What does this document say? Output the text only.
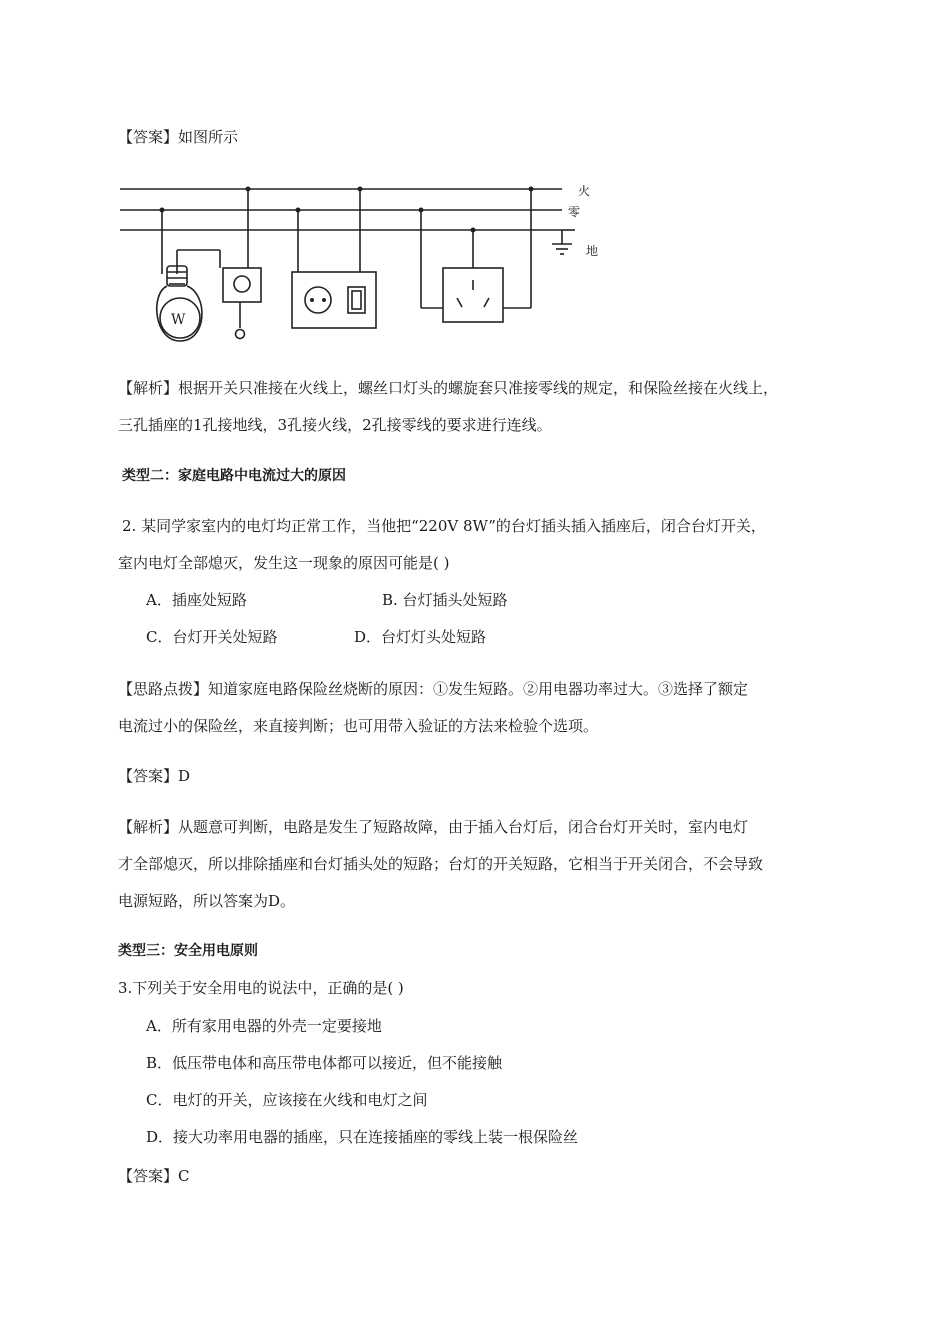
【答案】如图所示
火
零
地
W
【解析】根据开关只准接在火线上，螺丝口灯头的螺旋套只准接零线的规定，和保险丝接在火线上，
三孔插座的1孔接地线，3孔接火线，2孔接零线的要求进行连线。
类型二：家庭电路中电流过大的原因
2. 某同学家室内的电灯均正常工作，当他把“220V 8W”的台灯插头插入插座后，闭合台灯开关，
室内电灯全部熄灭，发生这一现象的原因可能是( )
A．插座处短路	B. 台灯插头处短路
C．台灯开关处短路	D．台灯灯头处短路
【思路点拨】知道家庭电路保险丝烧断的原因：①发生短路。②用电器功率过大。③选择了额定
电流过小的保险丝，来直接判断；也可用带入验证的方法来检验个选项。
【答案】D
【解析】从题意可判断，电路是发生了短路故障，由于插入台灯后，闭合台灯开关时，室内电灯
才全部熄灭，所以排除插座和台灯插头处的短路；台灯的开关短路，它相当于开关闭合，不会导致
电源短路，所以答案为D。
类型三：安全用电原则
3.下列关于安全用电的说法中，正确的是( )
A．所有家用电器的外壳一定要接地
B．低压带电体和高压带电体都可以接近，但不能接触
C．电灯的开关，应该接在火线和电灯之间
D．接大功率用电器的插座，只在连接插座的零线上装一根保险丝
【答案】C
